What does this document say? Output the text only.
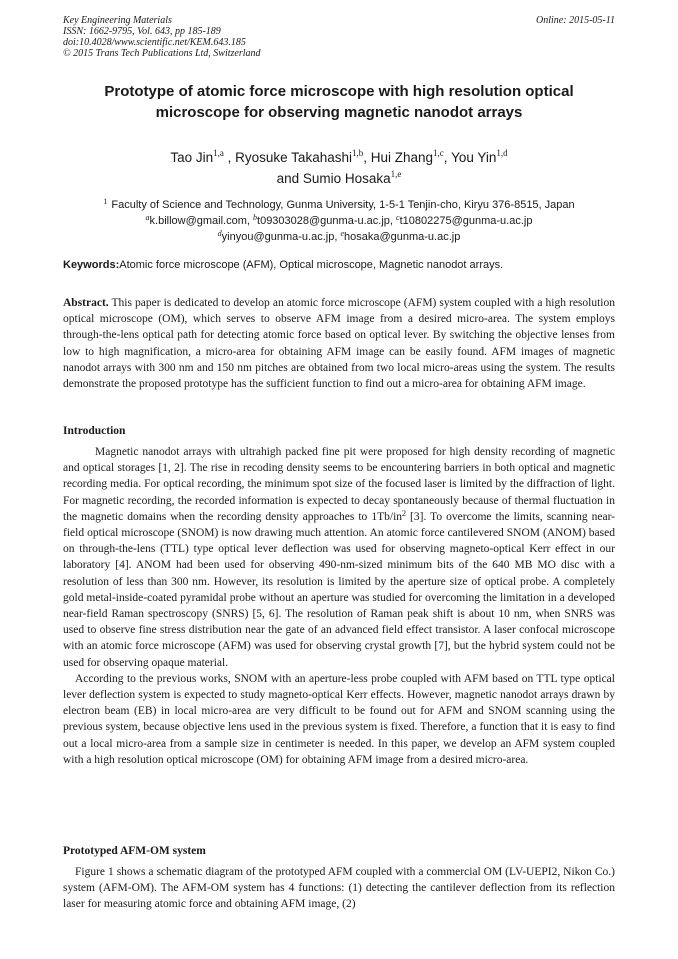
Key Engineering Materials
ISSN: 1662-9795, Vol. 643, pp 185-189
doi:10.4028/www.scientific.net/KEM.643.185
© 2015 Trans Tech Publications Ltd, Switzerland
Online: 2015-05-11
Prototype of atomic force microscope with high resolution optical
microscope for observing magnetic nanodot arrays
Tao Jin$^{1,a}$ , Ryosuke Takahashi$^{1,b}$, Hui Zhang$^{1,c}$, You Yin$^{1,d}$
and Sumio Hosaka$^{1,e}$
$^1$ Faculty of Science and Technology, Gunma University, 1-5-1 Tenjin-cho, Kiryu 376-8515, Japan
$^a$k.billow@gmail.com, $^b$t09303028@gunma-u.ac.jp, $^c$t10802275@gunma-u.ac.jp
$^d$yinyou@gunma-u.ac.jp, $^e$hosaka@gunma-u.ac.jp
Keywords:Atomic force microscope (AFM), Optical microscope, Magnetic nanodot arrays.

Abstract. This paper is dedicated to develop an atomic force microscope (AFM) system coupled with a high resolution optical microscope (OM), which serves to observe AFM image from a desired micro-area. The system employs through-the-lens optical path for detecting atomic force based on optical lever. By switching the objective lenses from low to high magnification, a micro-area for obtaining AFM image can be easily found. AFM images of magnetic nanodot arrays with 300 nm and 150 nm pitches are obtained from two local micro-areas using the system. The results demonstrate the proposed prototype has the sufficient function to find out a micro-area for obtaining AFM image.

Introduction

Magnetic nanodot arrays with ultrahigh packed fine pit were proposed for high density recording of magnetic and optical storages [1, 2]. The rise in recoding density seems to be encountering barriers in both optical and magnetic recording media. For optical recording, the minimum spot size of the focused laser is limited by the diffraction of light. For magnetic recording, the recorded information is expected to decay spontaneously because of thermal fluctuation in the magnetic domains when the recording density approaches to $1Tb/in^2$ [3]. To overcome the limits, scanning near-field optical microscope (SNOM) is now drawing much attention. An atomic force cantilevered SNOM (ANOM) based on through-the-lens (TTL) type optical lever deflection was used for observing magneto-optical Kerr effect in our laboratory [4]. ANOM had been used for observing 490-nm-sized minimum bits of the 640 MB MO disc with a resolution of less than 300 nm. However, its resolution is limited by the aperture size of optical probe. A completely gold metal-inside-coated pyramidal probe without an aperture was studied for overcoming the limitation in a developed near-field Raman spectroscopy (SNRS) [5, 6]. The resolution of Raman peak shift is about 10 nm, when SNRS was used to observe fine stress distribution near the gate of an advanced field effect transistor. A laser confocal microscope with an atomic force microscope (AFM) was used for observing crystal growth [7], but the hybrid system could not be used for observing opaque material.

According to the previous works, SNOM with an aperture-less probe coupled with AFM based on TTL type optical lever deflection system is expected to study magneto-optical Kerr effects. However, magnetic nanodot arrays drawn by electron beam (EB) in local micro-area are very difficult to be found out for AFM and SNOM scanning using the previous system, because objective lens used in the previous system is fixed. Therefore, a function that it is easy to find out a local micro-area from a sample size in centimeter is needed. In this paper, we develop an AFM system coupled with a high resolution optical microscope (OM) for obtaining AFM image from a desired micro-area.

Prototyped AFM-OM system

Figure 1 shows a schematic diagram of the prototyped AFM coupled with a commercial OM (LV-UEPI2, Nikon Co.) system (AFM-OM). The AFM-OM system has 4 functions: (1) detecting the cantilever deflection from its reflection laser for measuring atomic force and obtaining AFM image, (2)
